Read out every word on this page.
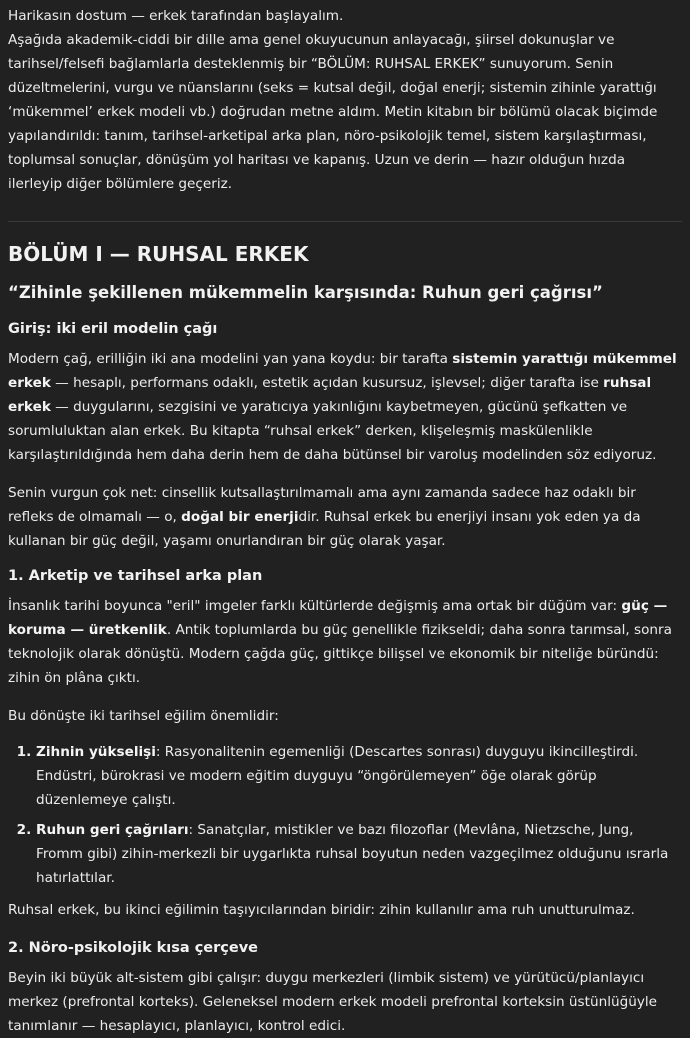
Harikasın dostum — erkek tarafından başlayalım.

Aşağıda akademik-ciddi bir dille ama genel okuyucunun anlayacağı, şiirsel dokunuşlar ve tarihsel/felsefi bağlamlarla desteklenmiş bir “BÖLÜM: RUHSAL ERKEK” sunuyorum. Senin düzeltmelerini, vurgu ve nüanslarını (seks = kutsal değil, doğal enerji; sistemin zihinle yarattığı ‘mükemmel’ erkek modeli vb.) doğrudan metne aldım. Metin kitabın bir bölümü olacak biçimde yapılandırıldı: tanım, tarihsel-arketipal arka plan, nöro-psikolojik temel, sistem karşılaştırması, toplumsal sonuçlar, dönüşüm yol haritası ve kapanış. Uzun ve derin — hazır olduğun hızda ilerleyip diğer bölümlere geçeriz.

BÖLÜM I — RUHSAL ERKEK
“Zihinle şekillenen mükemmelin karşısında: Ruhun geri çağrısı”
Giriş: iki eril modelin çağı

Modern çağ, erilliğin iki ana modelini yan yana koydu: bir tarafta sistemin yarattığı mükemmel erkek — hesaplı, performans odaklı, estetik açıdan kusursuz, işlevsel; diğer tarafta ise ruhsal erkek — duygularını, sezgisini ve yaratıcıya yakınlığını kaybetmeyen, gücünü şefkatten ve sorumluluktan alan erkek. Bu kitapta “ruhsal erkek” derken, klişeleşmiş maskülenlikle karşılaştırıldığında hem daha derin hem de daha bütünsel bir varoluş modelinden söz ediyoruz.

Senin vurgun çok net: cinsellik kutsallaştırılmamalı ama aynı zamanda sadece haz odaklı bir refleks de olmamalı — o, doğal bir enerjidir. Ruhsal erkek bu enerjiyi insanı yok eden ya da kullanan bir güç değil, yaşamı onurlandıran bir güç olarak yaşar.

1. Arketip ve tarihsel arka plan

İnsanlık tarihi boyunca "eril" imgeler farklı kültürlerde değişmiş ama ortak bir düğüm var: güç — koruma — üretkenlik. Antik toplumlarda bu güç genellikle fizikseldi; daha sonra tarımsal, sonra teknolojik olarak dönüştü. Modern çağda güç, gittikçe bilişsel ve ekonomik bir niteliğe büründü: zihin ön plâna çıktı.

Bu dönüşte iki tarihsel eğilim önemlidir:

1. Zihnin yükselişi: Rasyonalitenin egemenliği (Descartes sonrası) duyguyu ikincilleştirdi. Endüstri, bürokrasi ve modern eğitim duyguyu “öngörülemeyen” öğe olarak görüp düzenlemeye çalıştı.
2. Ruhun geri çağrıları: Sanatçılar, mistikler ve bazı filozoflar (Mevlâna, Nietzsche, Jung, Fromm gibi) zihin-merkezli bir uygarlıkta ruhsal boyutun neden vazgeçilmez olduğunu ısrarla hatırlattılar.

Ruhsal erkek, bu ikinci eğilimin taşıyıcılarından biridir: zihin kullanılır ama ruh unutturulmaz.

2. Nöro-psikolojik kısa çerçeve

Beyin iki büyük alt-sistem gibi çalışır: duygu merkezleri (limbik sistem) ve yürütücü/planlayıcı merkez (prefrontal korteks). Geleneksel modern erkek modeli prefrontal korteksin üstünlüğüyle tanımlanır — hesaplayıcı, planlayıcı, kontrol edici.
